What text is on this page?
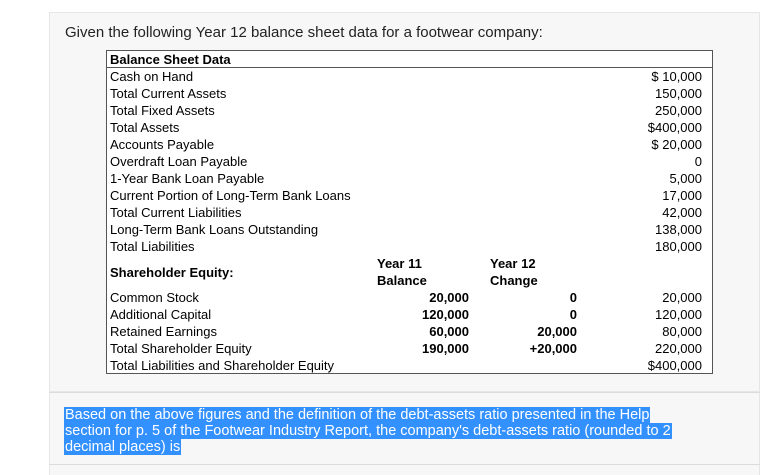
Given the following Year 12 balance sheet data for a footwear company:
Balance Sheet Data
Cash on Hand	$ 10,000
Total Current Assets	150,000
Total Fixed Assets	250,000
Total Assets	$400,000
Accounts Payable	$ 20,000
Overdraft Loan Payable	0
1-Year Bank Loan Payable	5,000
Current Portion of Long-Term Bank Loans	17,000
Total Current Liabilities	42,000
Long-Term Bank Loans Outstanding	138,000
Total Liabilities	180,000
Shareholder Equity:
Year 11
Balance
Year 12
Change
Common Stock	20,000	0	20,000
Additional Capital	120,000	0	120,000
Retained Earnings	60,000	20,000	80,000
Total Shareholder Equity	190,000	+20,000	220,000
Total Liabilities and Shareholder Equity	$400,000
Based on the above figures and the definition of the debt-assets ratio presented in the Help
section for p. 5 of the Footwear Industry Report, the company's debt-assets ratio (rounded to 2
decimal places) is
